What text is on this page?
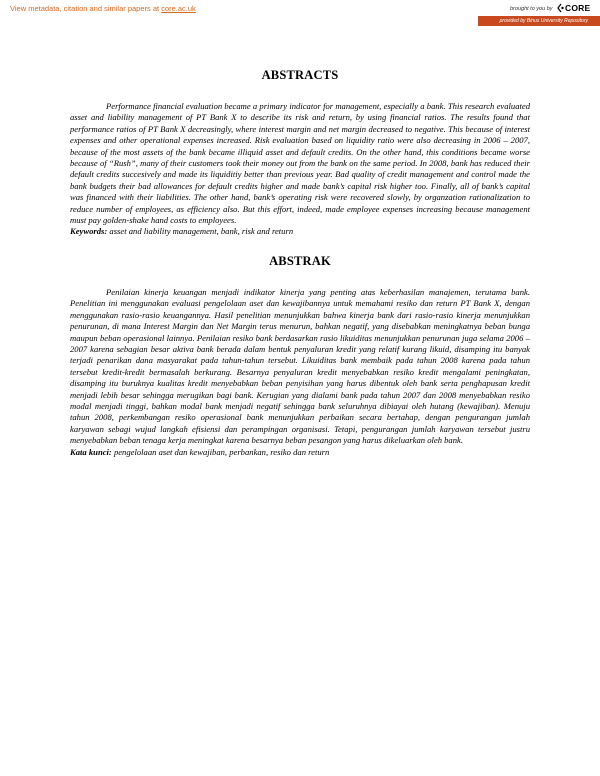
View metadata, citation and similar papers at core.ac.uk	brought to you by CORE
provided by Binus University Repository
ABSTRACTS

Performance financial evaluation became a primary indicator for management, especially a bank. This research evaluated asset and liability management of PT Bank X to describe its risk and return, by using financial ratios. The results found that performance ratios of PT Bank X decreasingly, where interest margin and net margin decreased to negative. This because of interest expenses and other operational expenses increased. Risk evaluation based on liquidity ratio were also decreasing in 2006 – 2007, because of the most assets of the bank became illiquid asset and default credits. On the other hand, this conditions became worse because of “Rush”, many of their customers took their money out from the bank on the same period. In 2008, bank has reduced their default credits succesively and made its liquiditiy better than previous year. Bad quality of credit management and control made the bank budgets their bad allowances for default credits higher and made bank’s capital risk higher too. Finally, all of bank’s capital was financed with their liabilities. The other hand, bank’s operating risk were recovered slowly, by organzation rationalization to reduce number of employees, as efficiency also. But this effort, indeed, made employee expenses increasing because management must pay golden-shake hand costs to employees.

Keywords: asset and liability management, bank, risk and return

ABSTRAK

Penilaian kinerja keuangan menjadi indikator kinerja yang penting atas keberhasilan manajemen, terutama bank. Penelitian ini menggunakan evaluasi pengelolaan aset dan kewajibannya untuk memahami resiko dan return PT Bank X, dengan menggunakan rasio-rasio keuangannya. Hasil penelitian menunjukkan bahwa kinerja bank dari rasio-rasio kinerja menunjukkan penurunan, di mana Interest Margin dan Net Margin terus menurun, bahkan negatif, yang disebabkan meningkatnya beban bunga maupun beban operasional lainnya. Penilaian resiko bank berdasarkan rasio likuiditas menunjukkan penurunan juga selama 2006 – 2007 karena sebagian besar aktiva bank berada dalam bentuk penyaluran kredit yang relatif kurang likuid, disamping itu banyak terjadi penarikan dana masyarakat pada tahun-tahun tersebut. Likuiditas bank membaik pada tahun 2008 karena pada tahun tersebut kredit-kredit bermasalah berkurang. Besarnya penyaluran kredit menyebabkan resiko kredit mengalami peningkatan, disamping itu buruknya kualitas kredit menyebabkan beban penyisihan yang harus dibentuk oleh bank serta penghapusan kredit menjadi lebih besar sehingga merugikan bagi bank. Kerugian yang dialami bank pada tahun 2007 dan 2008 menyebabkan resiko modal menjadi tinggi, bahkan modal bank menjadi negatif sehingga bank seluruhnya dibiayai oleh hutang (kewajiban). Menuju tahun 2008, perkembangan resiko operasional bank menunjukkan perbaikan secara bertahap, dengan pengurangan jumlah karyawan sebagi wujud langkah efisiensi dan perampingan organisasi. Tetapi, pengurangan jumlah karyawan tersebut justru menyebabkan beban tenaga kerja meningkat karena besarnya beban pesangon yang harus dikeluarkan oleh bank.

Kata kunci: pengelolaan aset dan kewajiban, perbankan, resiko dan return
